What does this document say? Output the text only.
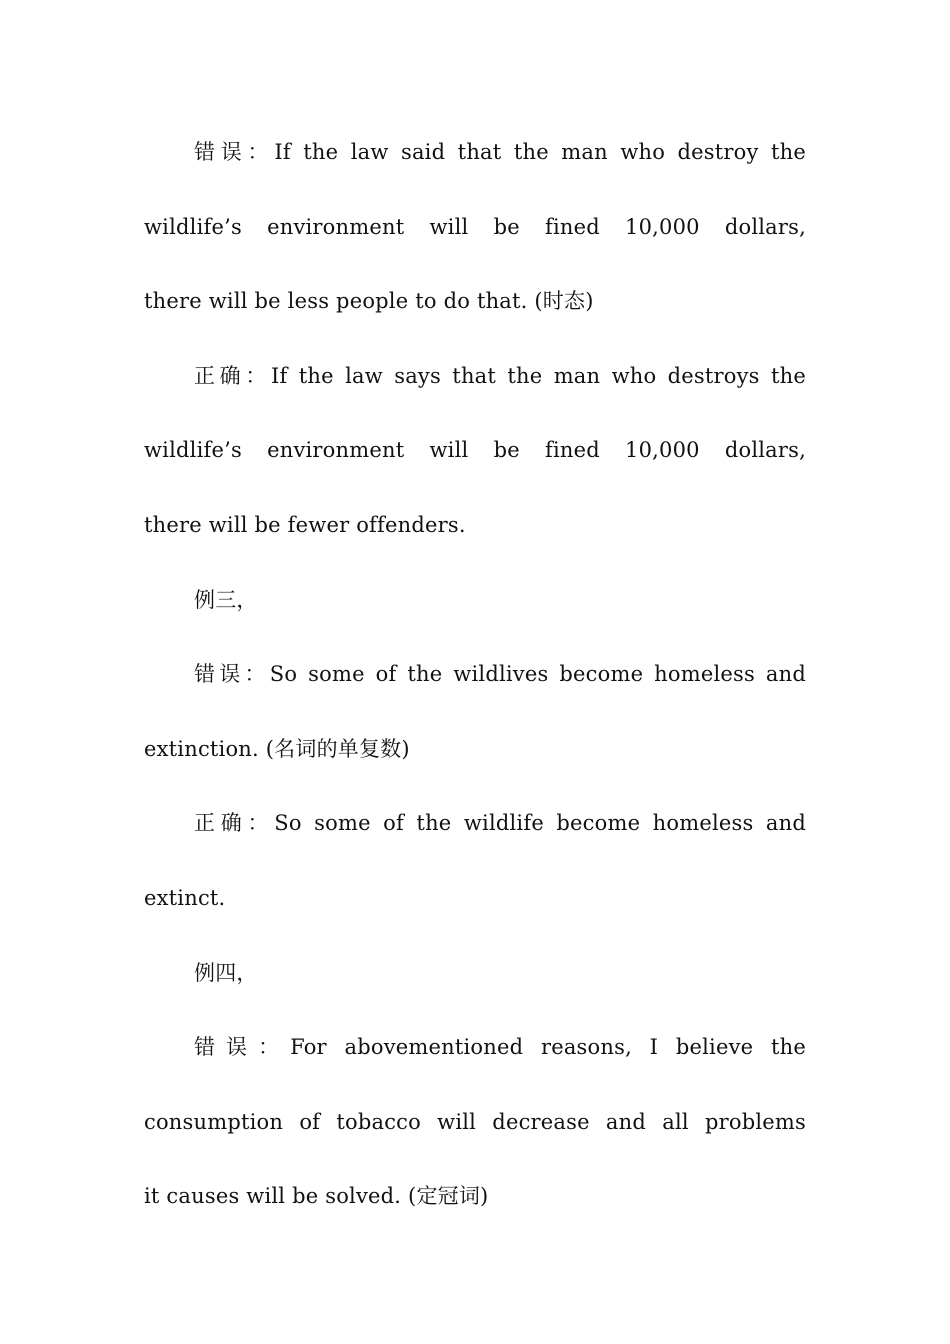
错误：If the law said that the man who destroy the
wildlife’s environment will be fined 10,000 dollars,
there will be less people to do that. (时态)
正确：If the law says that the man who destroys the
wildlife’s environment will be fined 10,000 dollars,
there will be fewer offenders.
例三，
错误：So some of the wildlives become homeless and
extinction. (名词的单复数)
正确：So some of the wildlife become homeless and
extinct.
例四，
错误：For abovementioned reasons, I believe the
consumption of tobacco will decrease and all problems
it causes will be solved. (定冠词)
